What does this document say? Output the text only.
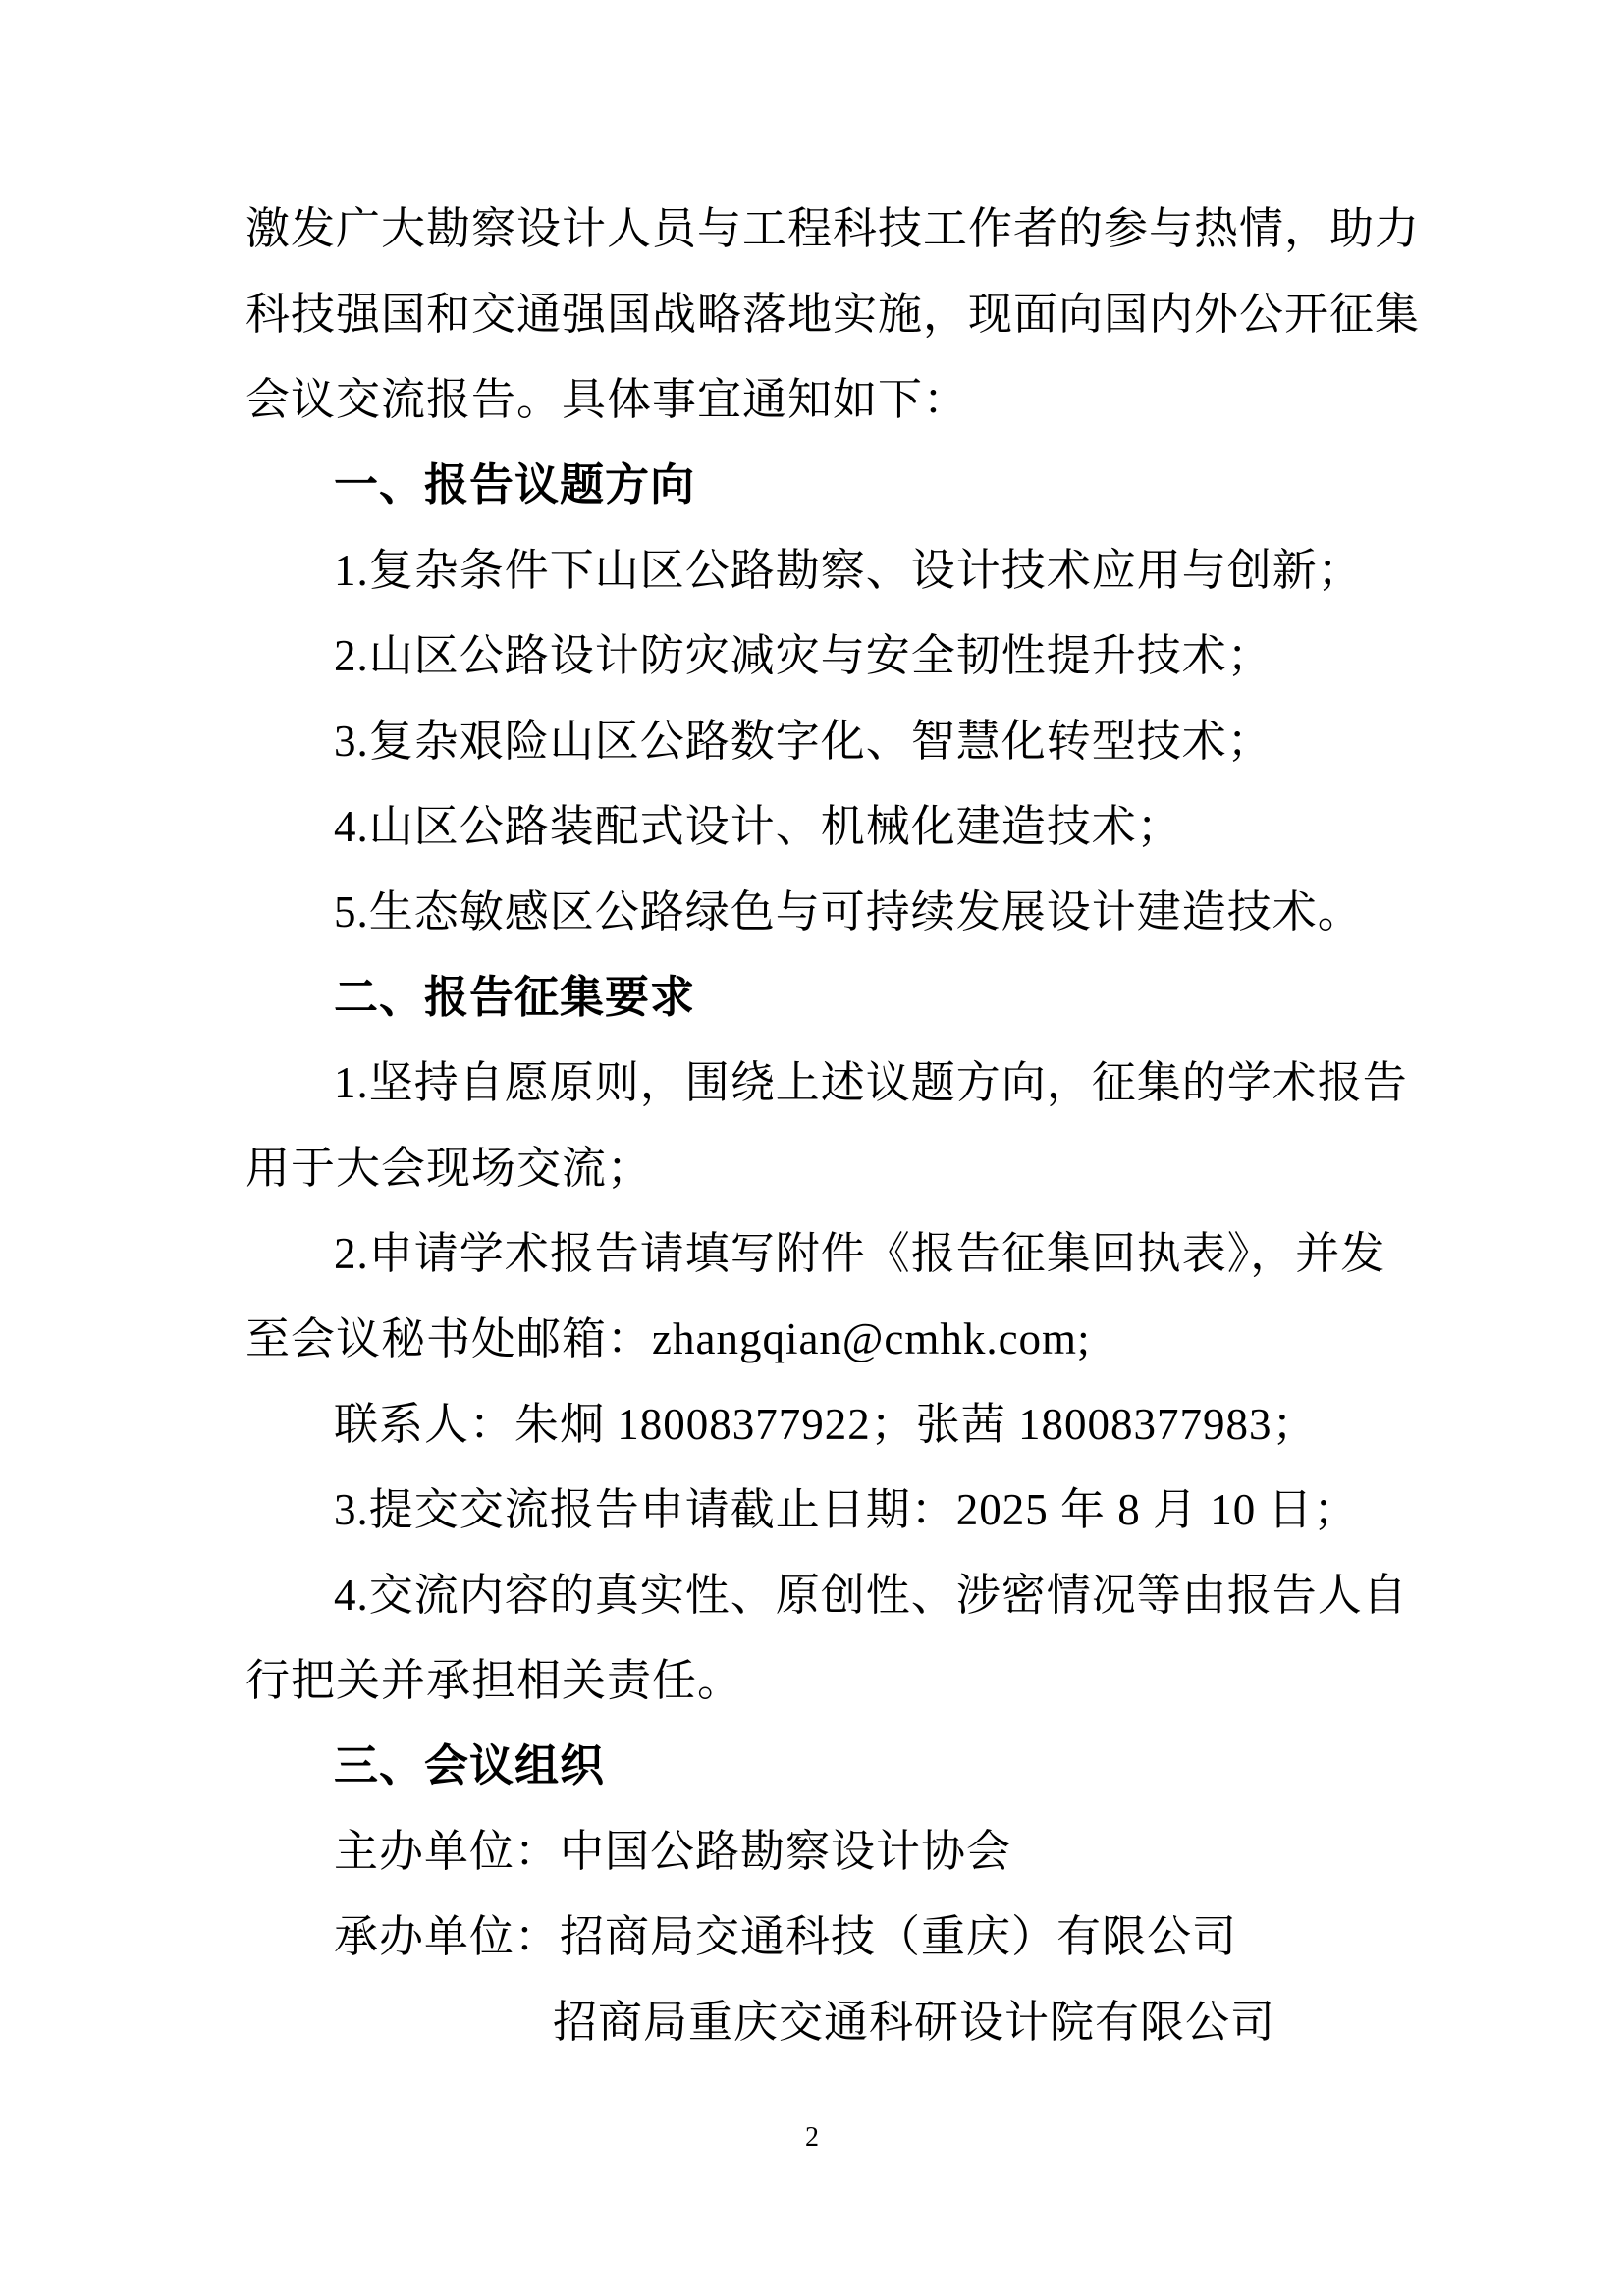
激发广大勘察设计人员与工程科技工作者的参与热情，助力
科技强国和交通强国战略落地实施，现面向国内外公开征集
会议交流报告。具体事宜通知如下：
一、报告议题方向
1.复杂条件下山区公路勘察、设计技术应用与创新；
2.山区公路设计防灾减灾与安全韧性提升技术；
3.复杂艰险山区公路数字化、智慧化转型技术；
4.山区公路装配式设计、机械化建造技术；
5.生态敏感区公路绿色与可持续发展设计建造技术。
二、报告征集要求
1.坚持自愿原则，围绕上述议题方向，征集的学术报告
用于大会现场交流；
2.申请学术报告请填写附件《报告征集回执表》，并发
至会议秘书处邮箱：zhangqian@cmhk.com;
联系人：朱炯 18008377922；张茜 18008377983；
3.提交交流报告申请截止日期：2025 年 8 月 10 日；
4.交流内容的真实性、原创性、涉密情况等由报告人自
行把关并承担相关责任。
三、会议组织
主办单位：中国公路勘察设计协会
承办单位：招商局交通科技（重庆）有限公司
招商局重庆交通科研设计院有限公司
2
